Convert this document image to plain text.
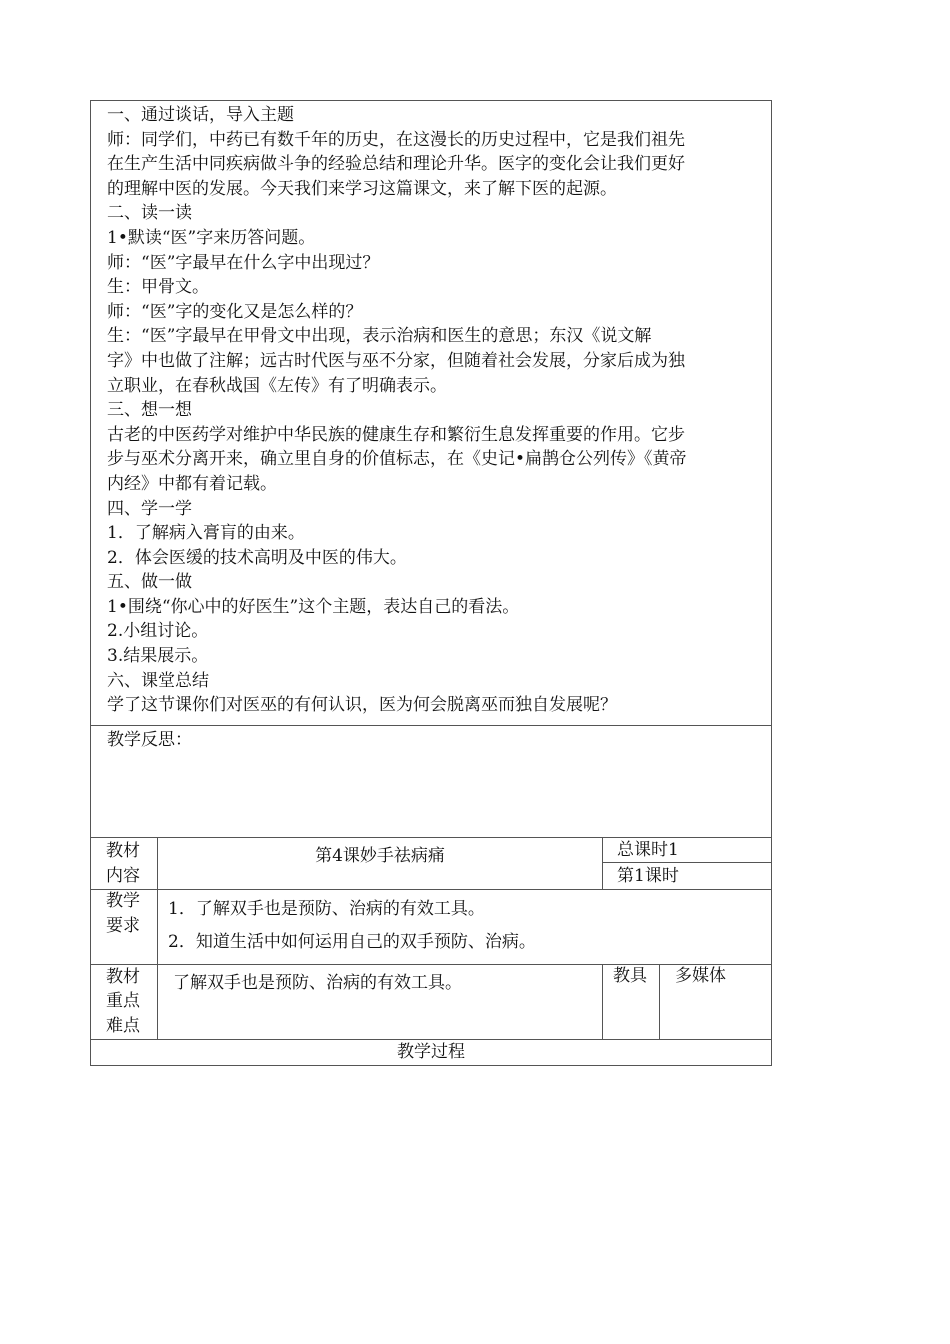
一、通过谈话，导入主题
师：同学们，中药已有数千年的历史，在这漫长的历史过程中，它是我们祖先
在生产生活中同疾病做斗争的经验总结和理论升华。医字的变化会让我们更好
的理解中医的发展。今天我们来学习这篇课文，来了解下医的起源。
二、读一读
1•默读“医”字来历答问题。
师：“医”字最早在什么字中出现过？
生：甲骨文。
师：“医”字的变化又是怎么样的？
生：“医”字最早在甲骨文中出现，表示治病和医生的意思；东汉《说文解
字》中也做了注解；远古时代医与巫不分家，但随着社会发展，分家后成为独
立职业，在春秋战国《左传》有了明确表示。
三、想一想
古老的中医药学对维护中华民族的健康生存和繁衍生息发挥重要的作用。它步
步与巫术分离开来，确立里自身的价值标志，在《史记•扁鹊仓公列传》《黄帝
内经》中都有着记载。
四、学一学
1．了解病入膏肓的由来。
2．体会医缓的技术高明及中医的伟大。
五、做一做
1•围绕“你心中的好医生”这个主题，表达自己的看法。
2.小组讨论。
3.结果展示。
六、课堂总结
学了这节课你们对医巫的有何认识，医为何会脱离巫而独自发展呢？
教学反思：
教材
内容
第4课妙手祛病痛	总课时1
第1课时
教学
要求
1．了解双手也是预防、治病的有效工具。
2．知道生活中如何运用自己的双手预防、治病。
教材
重点
难点
了解双手也是预防、治病的有效工具。	教具 多媒体
教学过程
